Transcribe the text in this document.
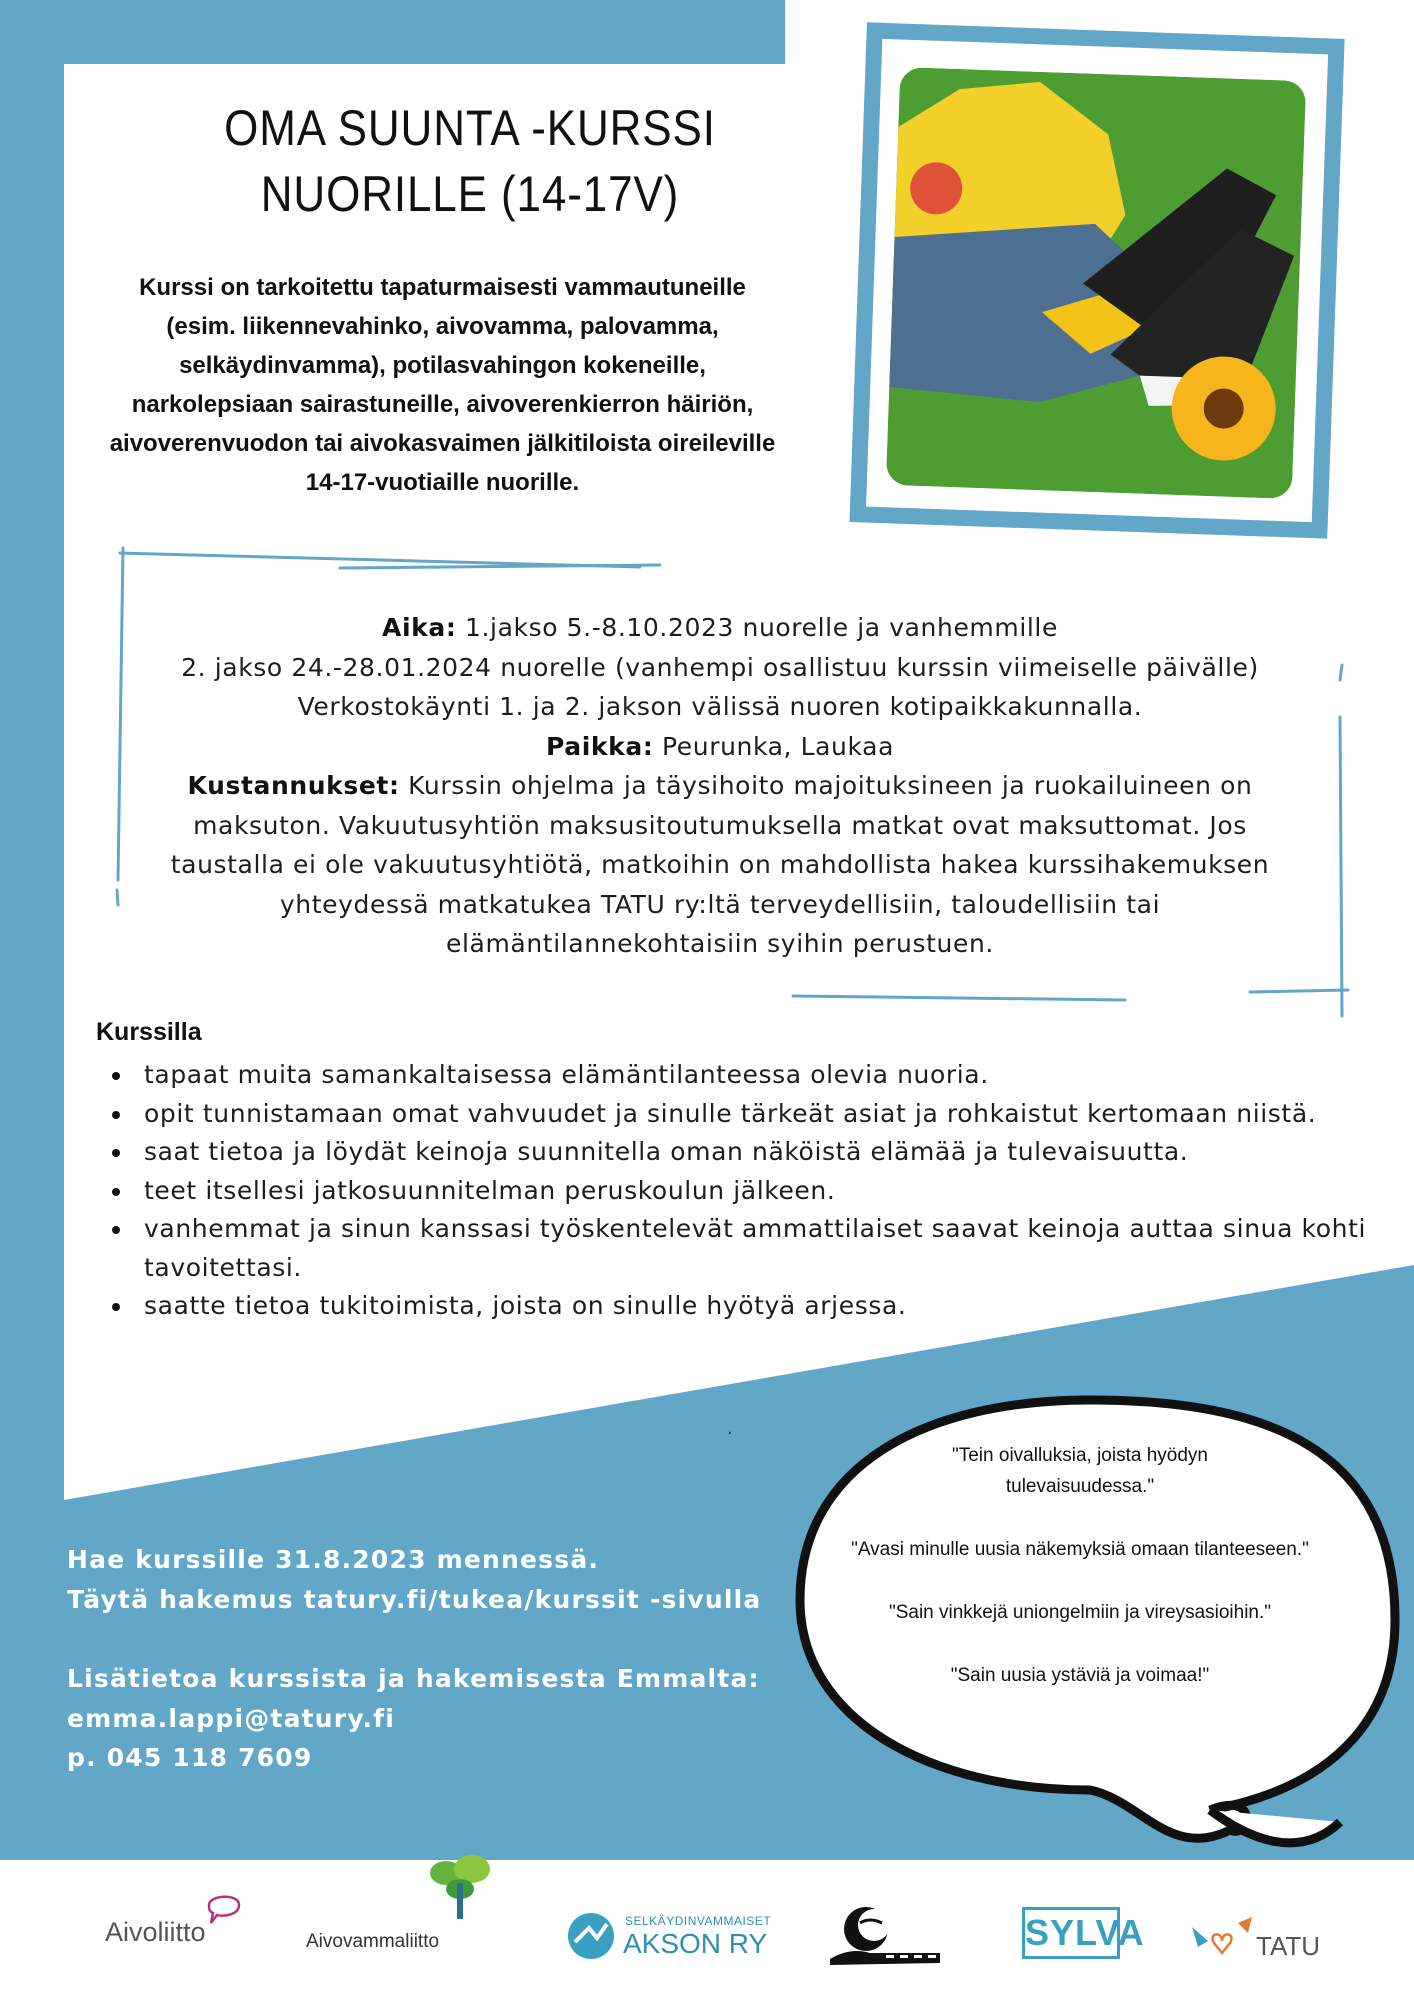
OMA SUUNTA -KURSSI
NUORILLE (14-17V)
Kurssi on tarkoitettu tapaturmaisesti vammautuneille
(esim. liikennevahinko, aivovamma, palovamma,
selkäydinvamma), potilasvahingon kokeneille,
narkolepsiaan sairastuneille, aivoverenkierron häiriön,
aivoverenvuodon tai aivokasvaimen jälkitiloista oireileville
14-17-vuotiaille nuorille.
Aika: 1.jakso 5.-8.10.2023 nuorelle ja vanhemmille
2. jakso 24.-28.01.2024 nuorelle (vanhempi osallistuu kurssin viimeiselle päivälle)
Verkostokäynti 1. ja 2. jakson välissä nuoren kotipaikkakunnalla.
Paikka: Peurunka, Laukaa
Kustannukset: Kurssin ohjelma ja täysihoito majoituksineen ja ruokailuineen on
maksuton. Vakuutusyhtiön maksusitoutumuksella matkat ovat maksuttomat. Jos
taustalla ei ole vakuutusyhtiötä, matkoihin on mahdollista hakea kurssihakemuksen
yhteydessä matkatukea TATU ry:ltä terveydellisiin, taloudellisiin tai
elämäntilannekohtaisiin syihin perustuen.
Kurssilla
tapaat muita samankaltaisessa elämäntilanteessa olevia nuoria.
opit tunnistamaan omat vahvuudet ja sinulle tärkeät asiat ja rohkaistut kertomaan niistä.
saat tietoa ja löydät keinoja suunnitella oman näköistä elämää ja tulevaisuutta.
teet itsellesi jatkosuunnitelman peruskoulun jälkeen.
vanhemmat ja sinun kanssasi työskentelevät ammattilaiset saavat keinoja auttaa sinua kohti tavoitettasi.
saatte tietoa tukitoimista, joista on sinulle hyötyä arjessa.
.
Hae kurssille 31.8.2023 mennessä.
Täytä hakemus tatury.fi/tukea/kurssit -sivulla
Lisätietoa kurssista ja hakemisesta Emmalta:
emma.lappi@tatury.fi
p. 045 118 7609

"Tein oivalluksia, joista hyödyn tulevaisuudessa."

"Avasi minulle uusia näkemyksiä omaan tilanteeseen."

"Sain vinkkejä uniongelmiin ja vireysasioihin."

"Sain uusia ystäviä ja voimaa!"

Aivoliitto	Aivovammaliitto
SELKÄYDINVAMMAISET
AKSON RY	SYLVA	TATU
